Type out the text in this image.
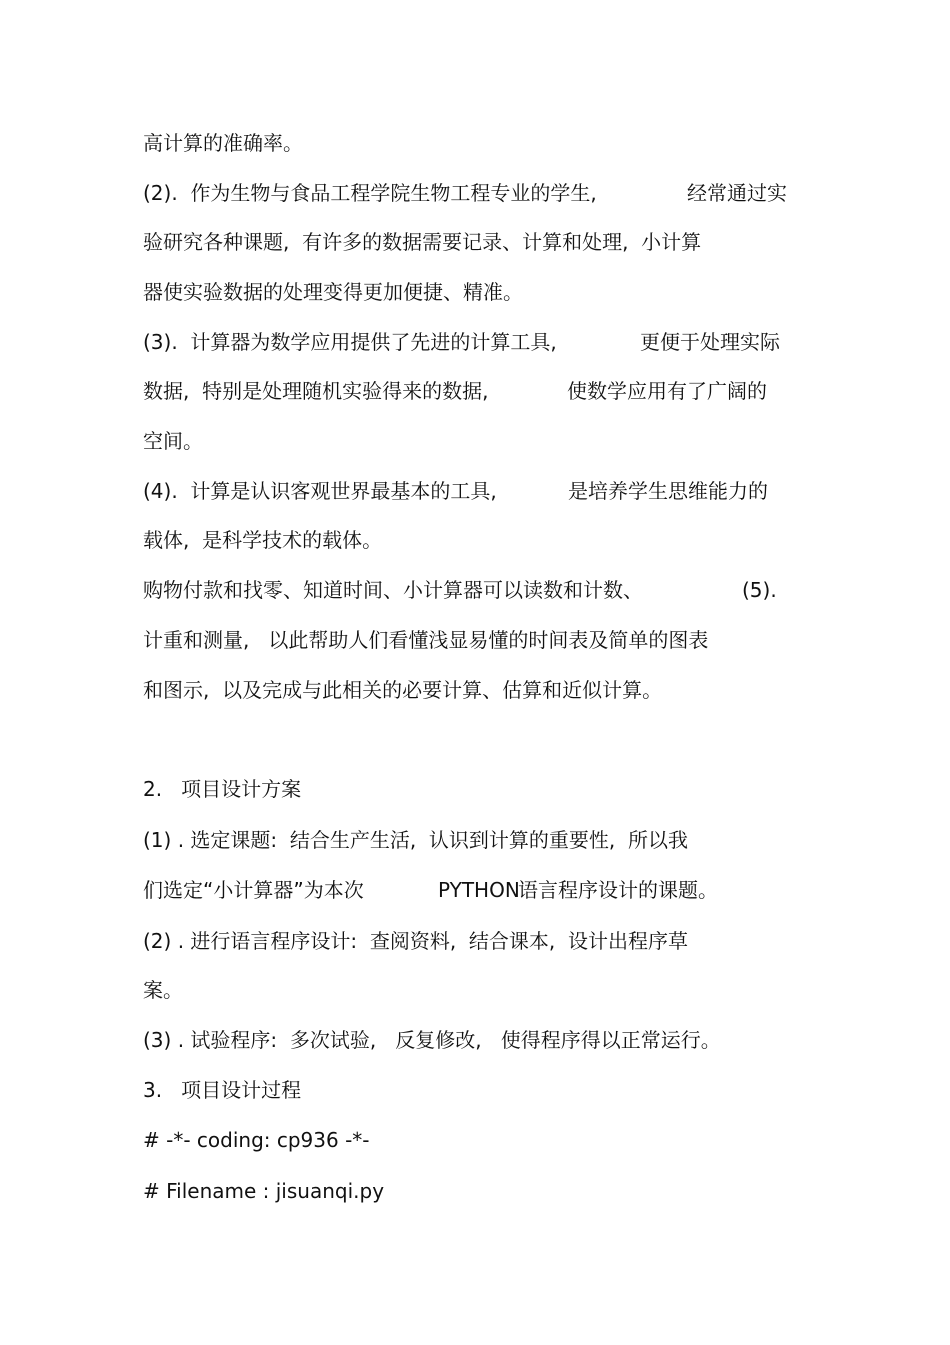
高计算的准确率。

(2).  作为生物与食品工程学院生物工程专业的学生,

	经常通过实

验研究各种课题,  有许多的数据需要记录、计算和处理,  小计算
器使实验数据的处理变得更加便捷、精准。

(3).  计算器为数学应用提供了先进的计算工具,

	更便于处理实际

数据,  特别是处理随机实验得来的数据,

	使数学应用有了广阔的

空间。

(4).  计算是认识客观世界最基本的工具,

	是培养学生思维能力的

载体,  是科学技术的载体。

购物付款和找零、知道时间、小计算器可以读数和计数、

	(5).

计重和测量,   以此帮助人们看懂浅显易懂的时间表及简单的图表
和图示,  以及完成与此相关的必要计算、估算和近似计算。
2.   项目设计方案
(1) . 选定课题:  结合生产生活,  认识到计算的重要性,  所以我

们选定“小计算器”为本次

	PYTHON

语言程序设计的课题。

(2) . 进行语言程序设计:  查阅资料,  结合课本,  设计出程序草
案。
(3) . 试验程序:  多次试验,   反复修改,   使得程序得以正常运行。
3.   项目设计过程
# -*- coding: cp936 -*-
# Filename : jisuanqi.py
